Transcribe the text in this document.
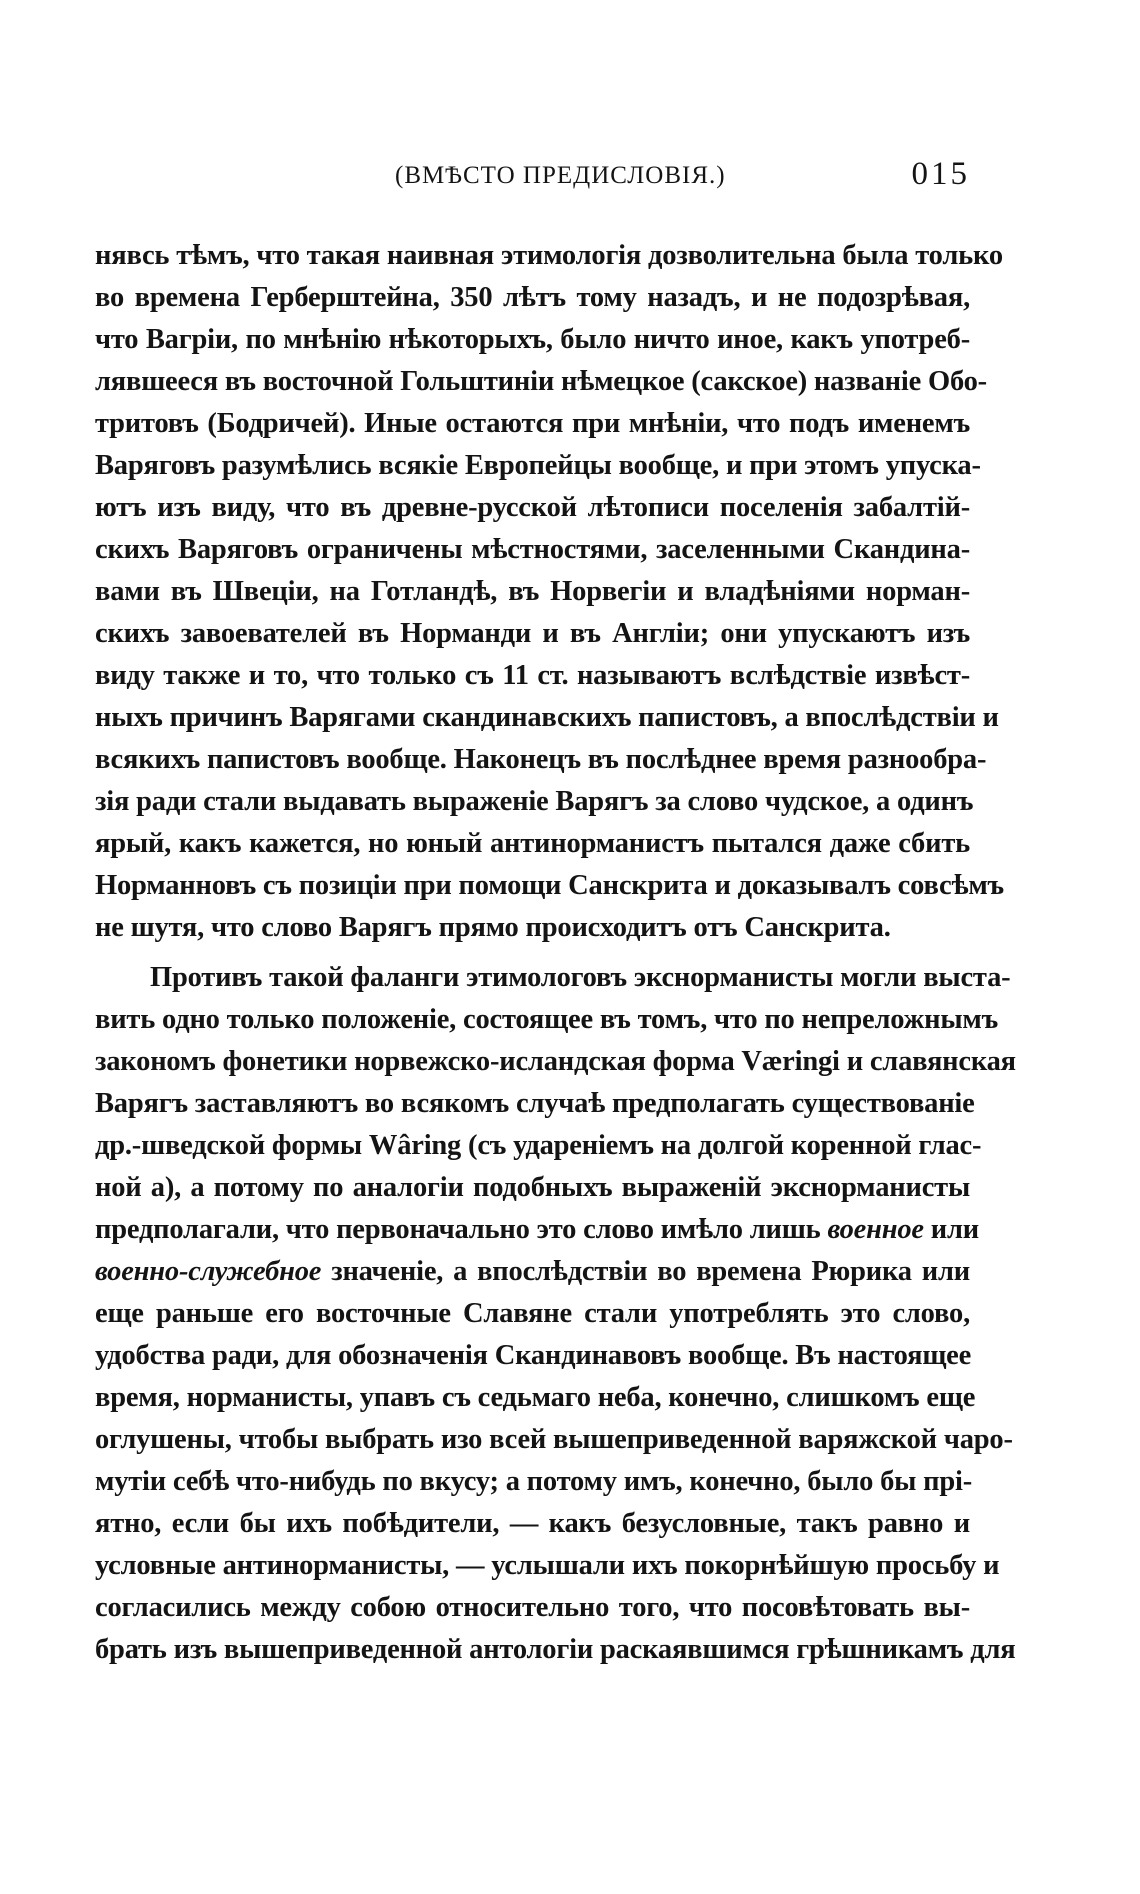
(ВМѢСТО ПРЕДИСЛОВІЯ.)	015
нявсь тѣмъ, что такая наивная этимологія дозволительна была только
во времена Герберштейна, 350 лѣтъ тому назадъ, и не подозрѣвая,
что Вагріи, по мнѣнію нѣкоторыхъ, было ничто иное, какъ употреб-
лявшееся въ восточной Гольштиніи нѣмецкое (сакское) названіе Обо-
тритовъ (Бодричей). Иные остаются при мнѣніи, что подъ именемъ
Варяговъ разумѣлись всякіе Европейцы вообще, и при этомъ упуска-
ютъ изъ виду, что въ древне-русской лѣтописи поселенія забалтій-
скихъ Варяговъ ограничены мѣстностями, заселенными Скандина-
вами въ Швеціи, на Готландѣ, въ Норвегіи и владѣніями норман-
скихъ завоевателей въ Норманди и въ Англіи; они упускаютъ изъ
виду также и то, что только съ 11 ст. называютъ вслѣдствіе извѣст-
ныхъ причинъ Варягами скандинавскихъ папистовъ, а впослѣдствіи и
всякихъ папистовъ вообще. Наконецъ въ послѣднее время разнообра-
зія ради стали выдавать выраженіе Варягъ за слово чудское, а одинъ
ярый, какъ кажется, но юный антинорманистъ пытался даже сбить
Норманновъ съ позиціи при помощи Санскрита и доказывалъ совсѣмъ
не шутя, что слово Варягъ прямо происходитъ отъ Санскрита.
Противъ такой фаланги этимологовъ экснорманисты могли выста-
вить одно только положеніе, состоящее въ томъ, что по непреложнымъ
закономъ фонетики норвежско-исландская форма Væringi и славянская
Варягъ заставляютъ во всякомъ случаѣ предполагать существованіе
др.-шведской формы Wâring (съ удареніемъ на долгой коренной глас-
ной а), а потому по аналогіи подобныхъ выраженій экснорманисты
предполагали, что первоначально это слово имѣло лишь военное или
военно-служебное значеніе, а впослѣдствіи во времена Рюрика или
еще раньше его восточные Славяне стали употреблять это слово,
удобства ради, для обозначенія Скандинавовъ вообще. Въ настоящее
время, норманисты, упавъ съ седьмаго неба, конечно, слишкомъ еще
оглушены, чтобы выбрать изо всей вышеприведенной варяжской чаро-
мутіи себѣ что-нибудь по вкусу; а потому имъ, конечно, было бы прі-
ятно, если бы ихъ побѣдители, — какъ безусловные, такъ равно и
условные антинорманисты, — услышали ихъ покорнѣйшую просьбу и
согласились между собою относительно того, что посовѣтовать вы-
брать изъ вышеприведенной антологіи раскаявшимся грѣшникамъ для
